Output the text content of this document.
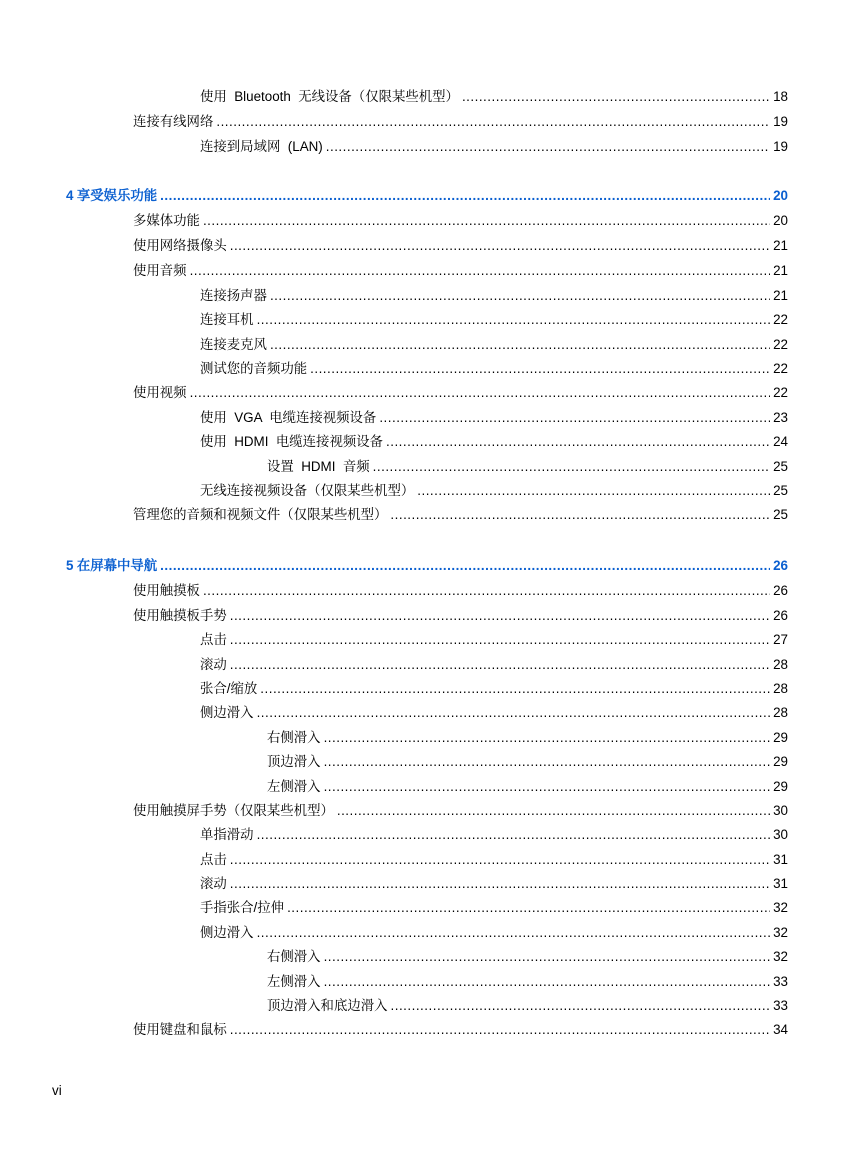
使用  Bluetooth  无线设备（仅限某些机型） .....	18
连接有线网络 .....	19
连接到局域网  (LAN) .....	19
4 享受娱乐功能 .....	20
多媒体功能 .....	20
使用网络摄像头 .....	21
使用音频 .....	21
连接扬声器 .....	21
连接耳机 .....	22
连接麦克风 .....	22
测试您的音频功能 .....	22
使用视频 .....	22
使用  VGA  电缆连接视频设备 .....	23
使用  HDMI  电缆连接视频设备 .....	24
设置  HDMI  音频 .....	25
无线连接视频设备（仅限某些机型） .....	25
管理您的音频和视频文件（仅限某些机型） .....	25
5 在屏幕中导航 .....	26
使用触摸板 .....	26
使用触摸板手势 .....	26
点击 .....	27
滚动 .....	28
张合/缩放 .....	28
侧边滑入 .....	28
右侧滑入 .....	29
顶边滑入 .....	29
左侧滑入 .....	29
使用触摸屏手势（仅限某些机型） .....	30
单指滑动 .....	30
点击 .....	31
滚动 .....	31
手指张合/拉伸 .....	32
侧边滑入 .....	32
右侧滑入 .....	32
左侧滑入 .....	33
顶边滑入和底边滑入 .....	33
使用键盘和鼠标 .....	34
vi
